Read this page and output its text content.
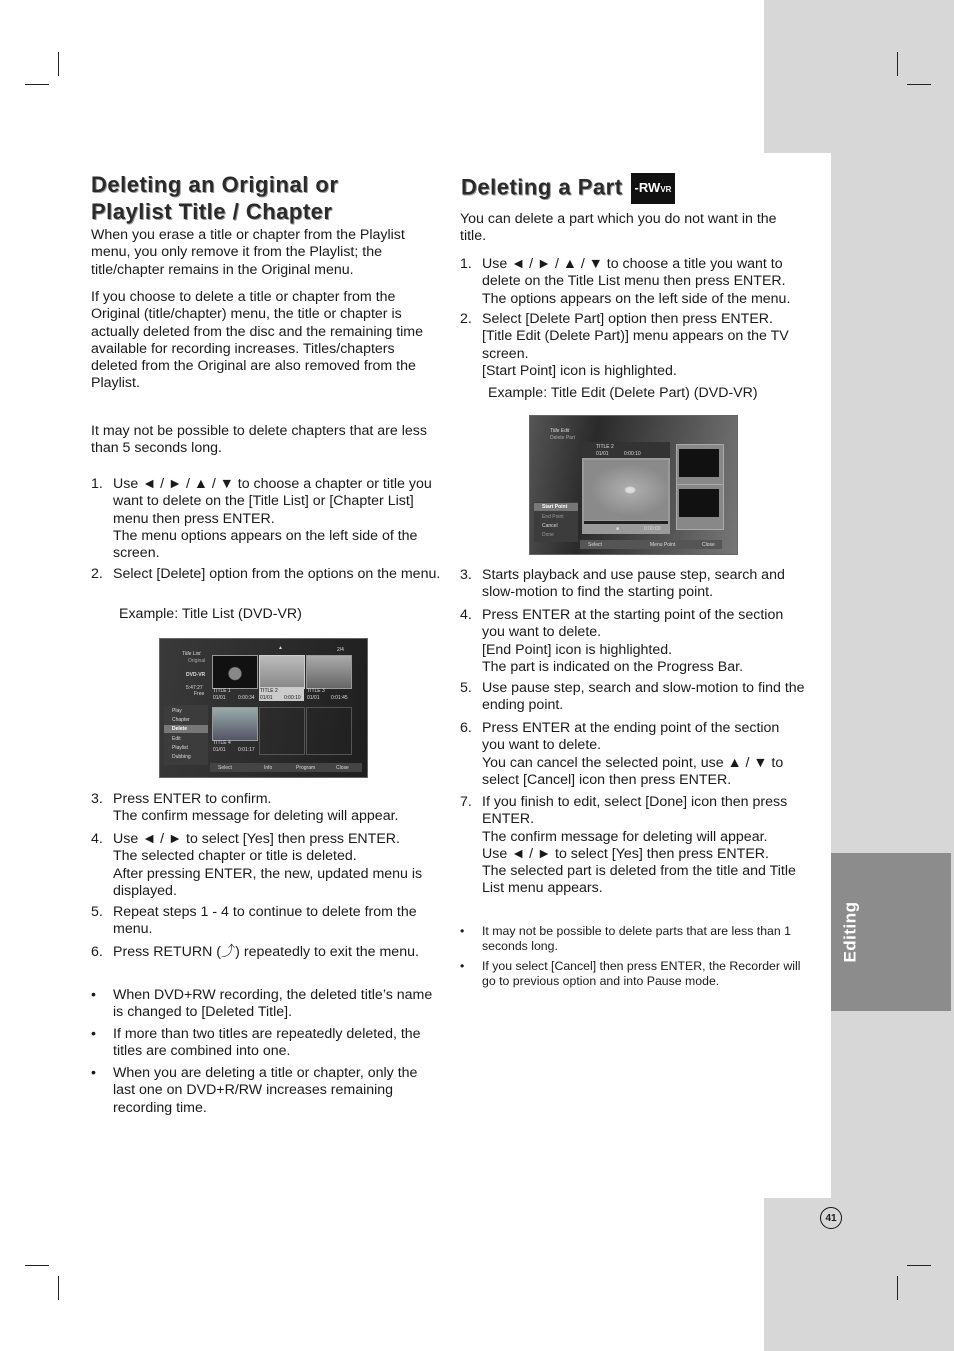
Editing
Deleting an Original or Playlist Title / Chapter

When you erase a title or chapter from the Playlist menu, you only remove it from the Playlist; the title/chapter remains in the Original menu.

If you choose to delete a title or chapter from the Original (title/chapter) menu, the title or chapter is actually deleted from the disc and the remaining time available for recording increases. Titles/chapters deleted from the Original are also removed from the Playlist.

It may not be possible to delete chapters that are less than 5 seconds long.

1. Use ◄ / ► / ▲ / ▼ to choose a chapter or title you want to delete on the [Title List] or [Chapter List] menu then press ENTER.
The menu options appears on the left side of the screen.
2. Select [Delete] option from the options on the menu.

Example: Title List (DVD-VR)

Title List
Original
DVD-VR
5:47:27
Free
2/4
▲
Play
Chapter
Delete
Edit
Playlist
Dubbing
TITLE 1
01/01 0:00:34
TITLE 2
01/01 0:00:10
TITLE 3
01/01 0:01:45
TITLE 4
01/01 0:01:17
Select	Info	Program	Close
3. Press ENTER to confirm.
The confirm message for deleting will appear.
4. Use ◄ / ► to select [Yes] then press ENTER.
The selected chapter or title is deleted.
After pressing ENTER, the new, updated menu is displayed.
5. Repeat steps 1 - 4 to continue to delete from the menu.
6. Press RETURN (⤴) repeatedly to exit the menu.
• When DVD+RW recording, the deleted title’s name is changed to [Deleted Title].
• If more than two titles are repeatedly deleted, the titles are combined into one.
• When you are deleting a title or chapter, only the last one on DVD+R/RW increases remaining recording time.
Deleting a Part -RWVR

You can delete a part which you do not want in the title.

1. Use ◄ / ► / ▲ / ▼ to choose a title you want to delete on the Title List menu then press ENTER.
The options appears on the left side of the menu.
2. Select [Delete Part] option then press ENTER.
[Title Edit (Delete Part)] menu appears on the TV screen.
[Start Point] icon is highlighted.

Example: Title Edit (Delete Part) (DVD-VR)

Title Edit
Delete Part
TITLE 2
01/01	0:00:10
■	0:00:00
Start Point
End Point
Cancel
Done
Select	Menu Point	Close
3. Starts playback and use pause step, search and slow-motion to find the starting point.
4. Press ENTER at the starting point of the section you want to delete.
[End Point] icon is highlighted.
The part is indicated on the Progress Bar.
5. Use pause step, search and slow-motion to find the ending point.
6. Press ENTER at the ending point of the section you want to delete.
You can cancel the selected point, use ▲ / ▼ to select [Cancel] icon then press ENTER.
7. If you finish to edit, select [Done] icon then press ENTER.
The confirm message for deleting will appear.
Use ◄ / ► to select [Yes] then press ENTER.
The selected part is deleted from the title and Title List menu appears.
• It may not be possible to delete parts that are less than 1 seconds long.
• If you select [Cancel] then press ENTER, the Recorder will go to previous option and into Pause mode.
41
